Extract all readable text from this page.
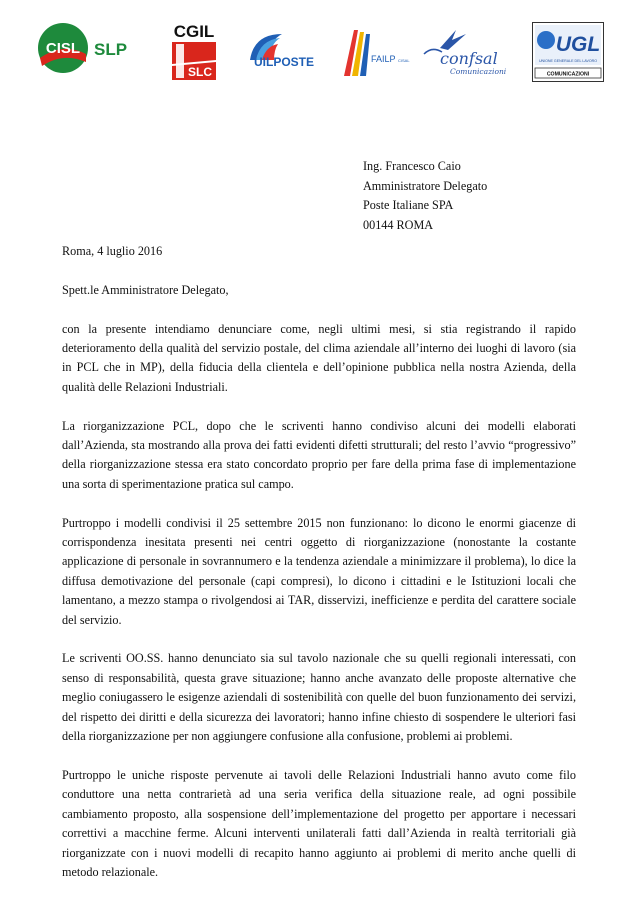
CISL SLP
CGIL
SLC
UILPOSTE	FAILP CISAL confsal
Comunicazioni
UGL
UNIONE GENERALE DEL LAVORO
COMUNICAZIONI
Ing. Francesco Caio
Amministratore Delegato
Poste Italiane SPA
00144 ROMA
Roma, 4 luglio 2016
Spett.le Amministratore Delegato,

con la presente intendiamo denunciare come, negli ultimi mesi, si stia registrando il rapido deterioramento della qualità del servizio postale, del clima aziendale all’interno dei luoghi di lavoro (sia in PCL che in MP), della fiducia della clientela e dell’opinione pubblica nella nostra Azienda, della qualità delle Relazioni Industriali.

La riorganizzazione PCL, dopo che le scriventi hanno condiviso alcuni dei modelli elaborati dall’Azienda, sta mostrando alla prova dei fatti evidenti difetti strutturali; del resto l’avvio “progressivo” della riorganizzazione stessa era stato concordato proprio per fare della prima fase di implementazione una sorta di sperimentazione pratica sul campo.

Purtroppo i modelli condivisi il 25 settembre 2015 non funzionano: lo dicono le enormi giacenze di corrispondenza inesitata presenti nei centri oggetto di riorganizzazione (nonostante la costante applicazione di personale in sovrannumero e la tendenza aziendale a minimizzare il problema), lo dice la diffusa demotivazione del personale (capi compresi), lo dicono i cittadini e le Istituzioni locali che lamentano, a mezzo stampa o rivolgendosi ai TAR, disservizi, inefficienze e perdita del carattere sociale del servizio.

Le scriventi OO.SS. hanno denunciato sia sul tavolo nazionale che su quelli regionali interessati, con senso di responsabilità, questa grave situazione; hanno anche avanzato delle proposte alternative che meglio coniugassero le esigenze aziendali di sostenibilità con quelle del buon funzionamento dei servizi, del rispetto dei diritti e della sicurezza dei lavoratori; hanno infine chiesto di sospendere le ulteriori fasi della riorganizzazione per non aggiungere confusione alla confusione, problemi ai problemi.

Purtroppo le uniche risposte pervenute ai tavoli delle Relazioni Industriali hanno avuto come filo conduttore una netta contrarietà ad una seria verifica della situazione reale, ad ogni possibile cambiamento proposto, alla sospensione dell’implementazione del progetto per apportare i necessari correttivi a macchine ferme. Alcuni interventi unilaterali fatti dall’Azienda in realtà territoriali già riorganizzate con i nuovi modelli di recapito hanno aggiunto ai problemi di merito anche quelli di metodo relazionale.
